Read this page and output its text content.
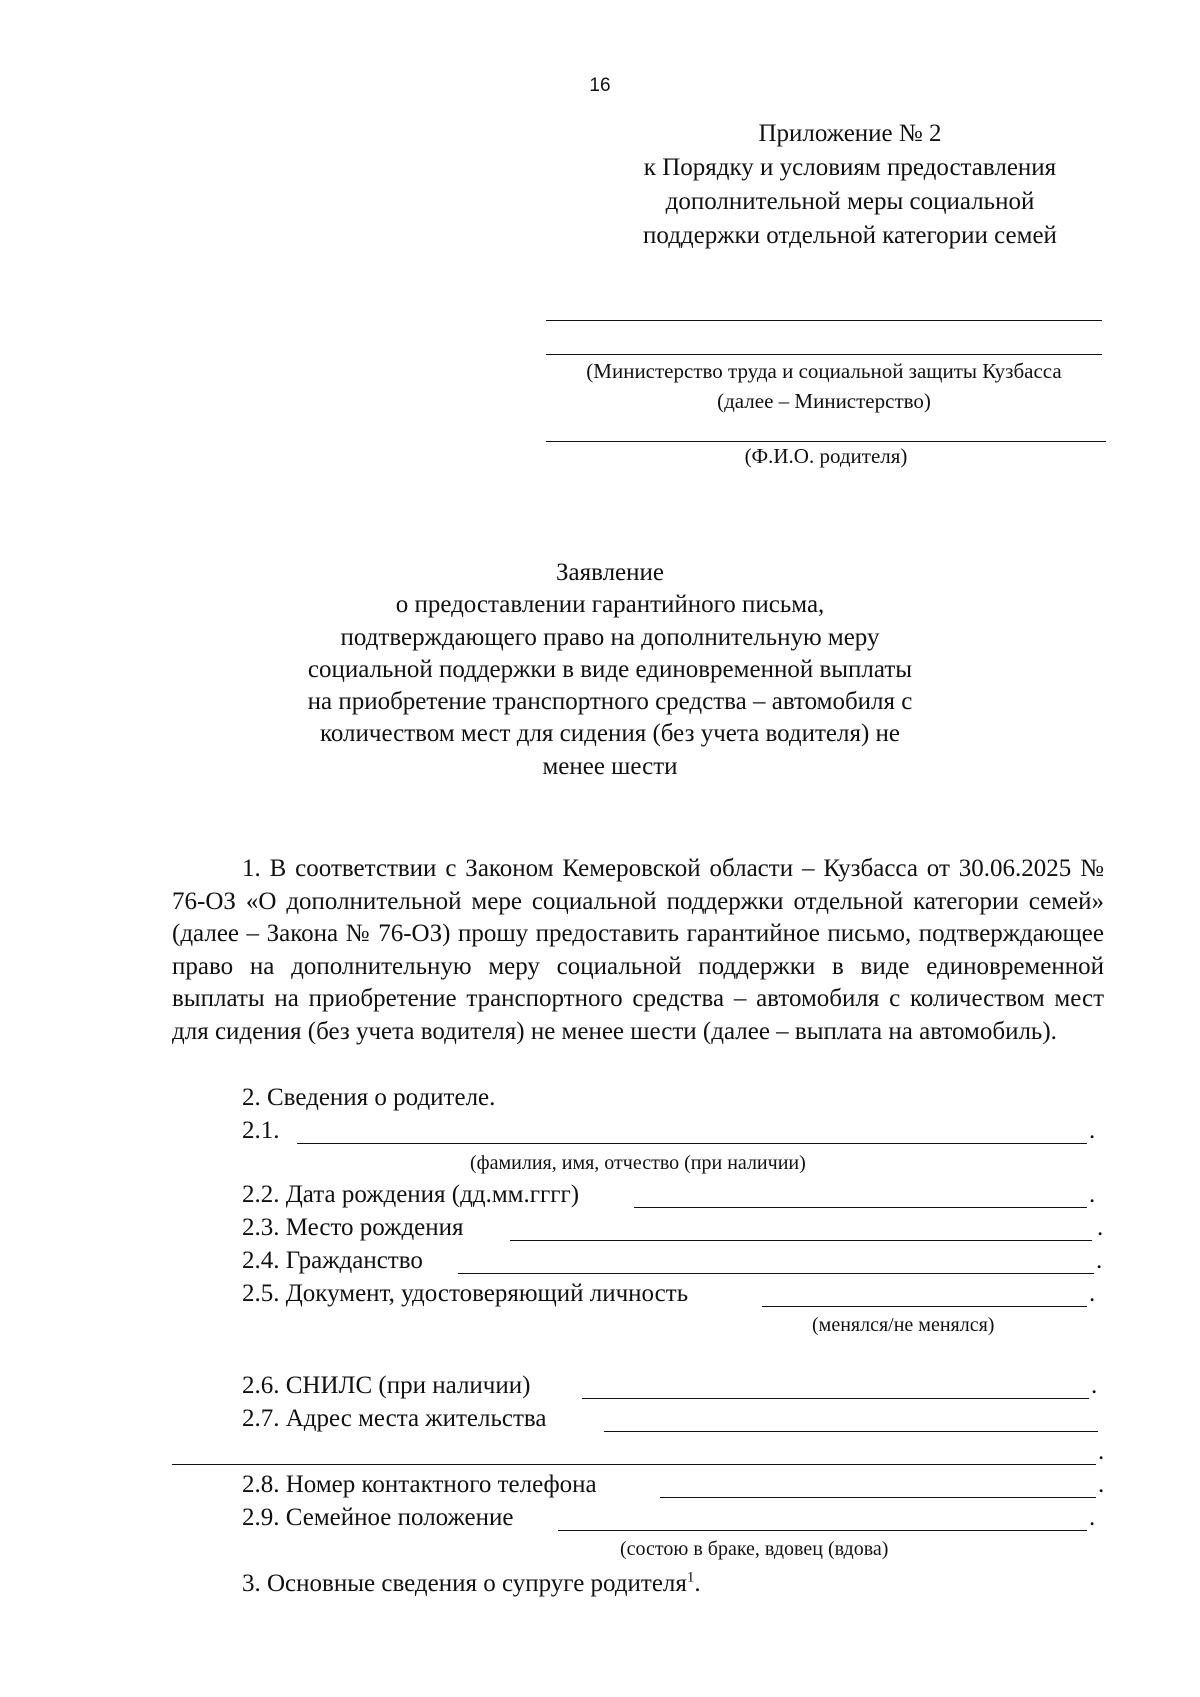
16
Приложение № 2
к Порядку и условиям предоставления
дополнительной меры социальной
поддержки отдельной категории семей
(Министерство труда и социальной защиты Кузбасса
(далее – Министерство)
(Ф.И.О. родителя)
Заявление
о предоставлении гарантийного письма,
подтверждающего право на дополнительную меру
социальной поддержки в виде единовременной выплаты
на приобретение транспортного средства – автомобиля с
количеством мест для сидения (без учета водителя) не
менее шести
1. В соответствии с Законом Кемеровской области – Кузбасса от 30.06.2025 № 76-ОЗ «О дополнительной мере социальной поддержки отдельной категории семей» (далее – Закона № 76-ОЗ) прошу предоставить гарантийное письмо, подтверждающее право на дополнительную меру социальной поддержки в виде единовременной выплаты на приобретение транспортного средства – автомобиля с количеством мест для сидения (без учета водителя) не менее шести (далее – выплата на автомобиль).
2. Сведения о родителе.
2.1.	.
(фамилия, имя, отчество (при наличии)
2.2. Дата рождения (дд.мм.гггг)	.
2.3. Место рождения	.
2.4. Гражданство	.
2.5. Документ, удостоверяющий личность	.
(менялся/не менялся)
2.6. СНИЛС (при наличии)	.
2.7. Адрес места жительства
.
2.8. Номер контактного телефона	.
2.9. Семейное положение	.
(состою в браке, вдовец (вдова)
3. Основные сведения о супруге родителя$^1$.
